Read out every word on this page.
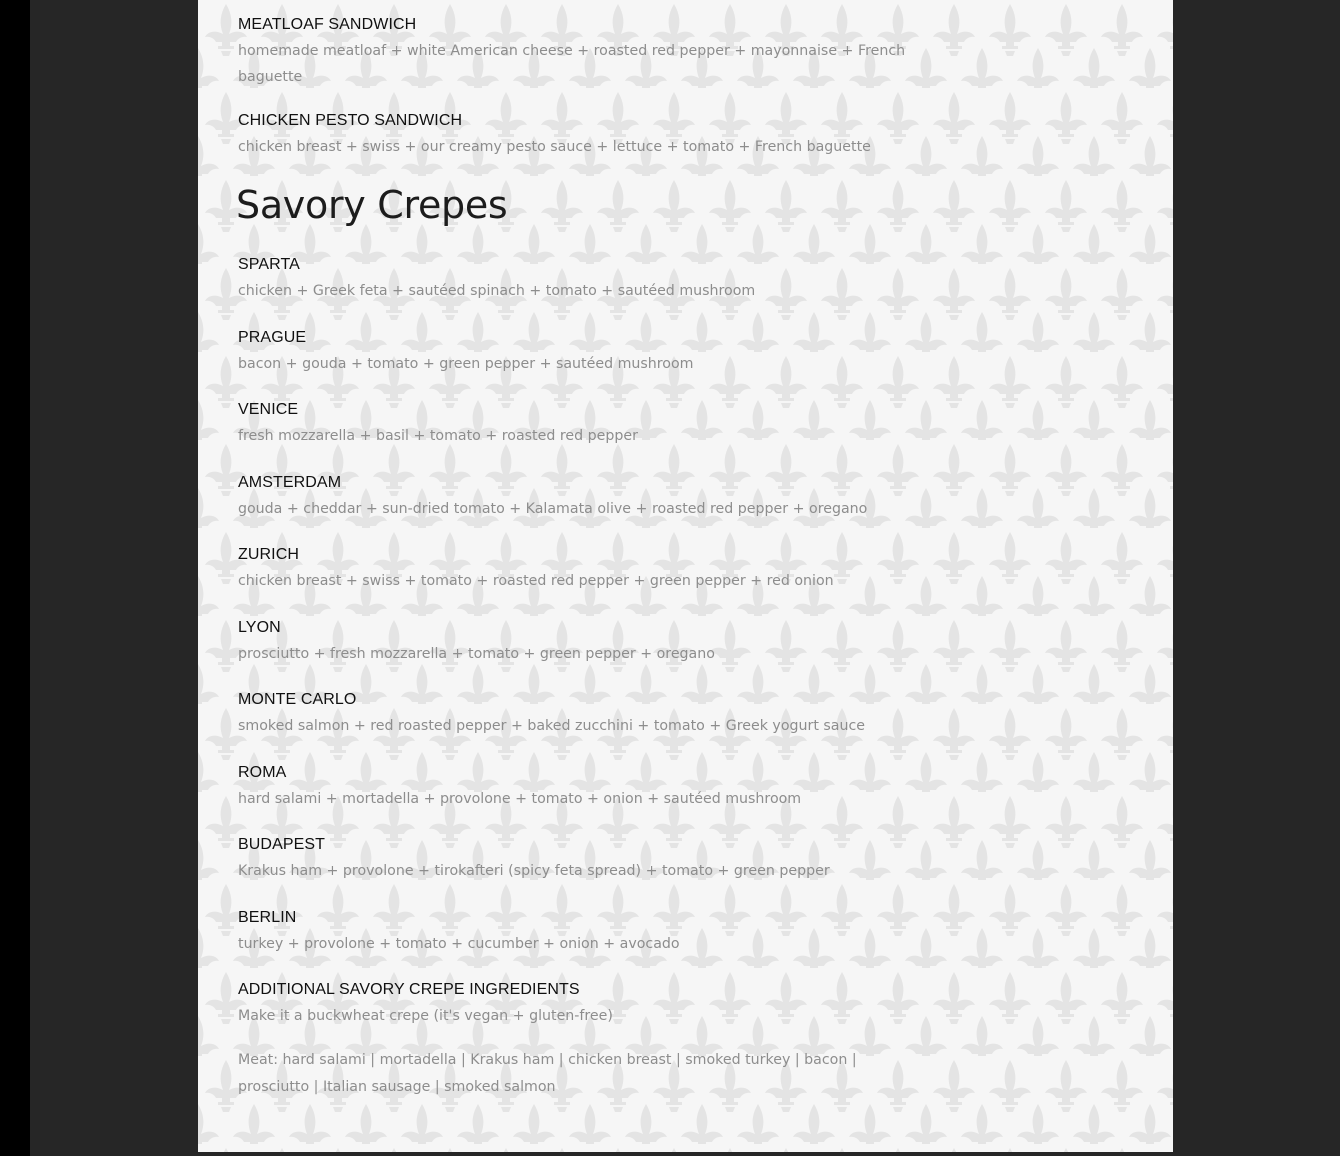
MEATLOAF SANDWICH
homemade meatloaf + white American cheese + roasted red pepper + mayonnaise + French baguette
CHICKEN PESTO SANDWICH
chicken breast + swiss + our creamy pesto sauce + lettuce + tomato + French baguette
Savory Crepes
SPARTA
chicken + Greek feta + sautéed spinach + tomato + sautéed mushroom
PRAGUE
bacon + gouda + tomato + green pepper + sautéed mushroom
VENICE
fresh mozzarella + basil + tomato + roasted red pepper
AMSTERDAM
gouda + cheddar + sun-dried tomato + Kalamata olive + roasted red pepper + oregano
ZURICH
chicken breast + swiss + tomato + roasted red pepper + green pepper + red onion
LYON
prosciutto + fresh mozzarella + tomato + green pepper + oregano
MONTE CARLO
smoked salmon + red roasted pepper + baked zucchini + tomato + Greek yogurt sauce
ROMA
hard salami + mortadella + provolone + tomato + onion + sautéed mushroom
BUDAPEST
Krakus ham + provolone + tirokafteri (spicy feta spread) + tomato + green pepper
BERLIN
turkey + provolone + tomato + cucumber + onion + avocado
ADDITIONAL SAVORY CREPE INGREDIENTS
Make it a buckwheat crepe (it's vegan + gluten-free)
Meat: hard salami | mortadella | Krakus ham | chicken breast | smoked turkey | bacon | prosciutto | Italian sausage | smoked salmon
